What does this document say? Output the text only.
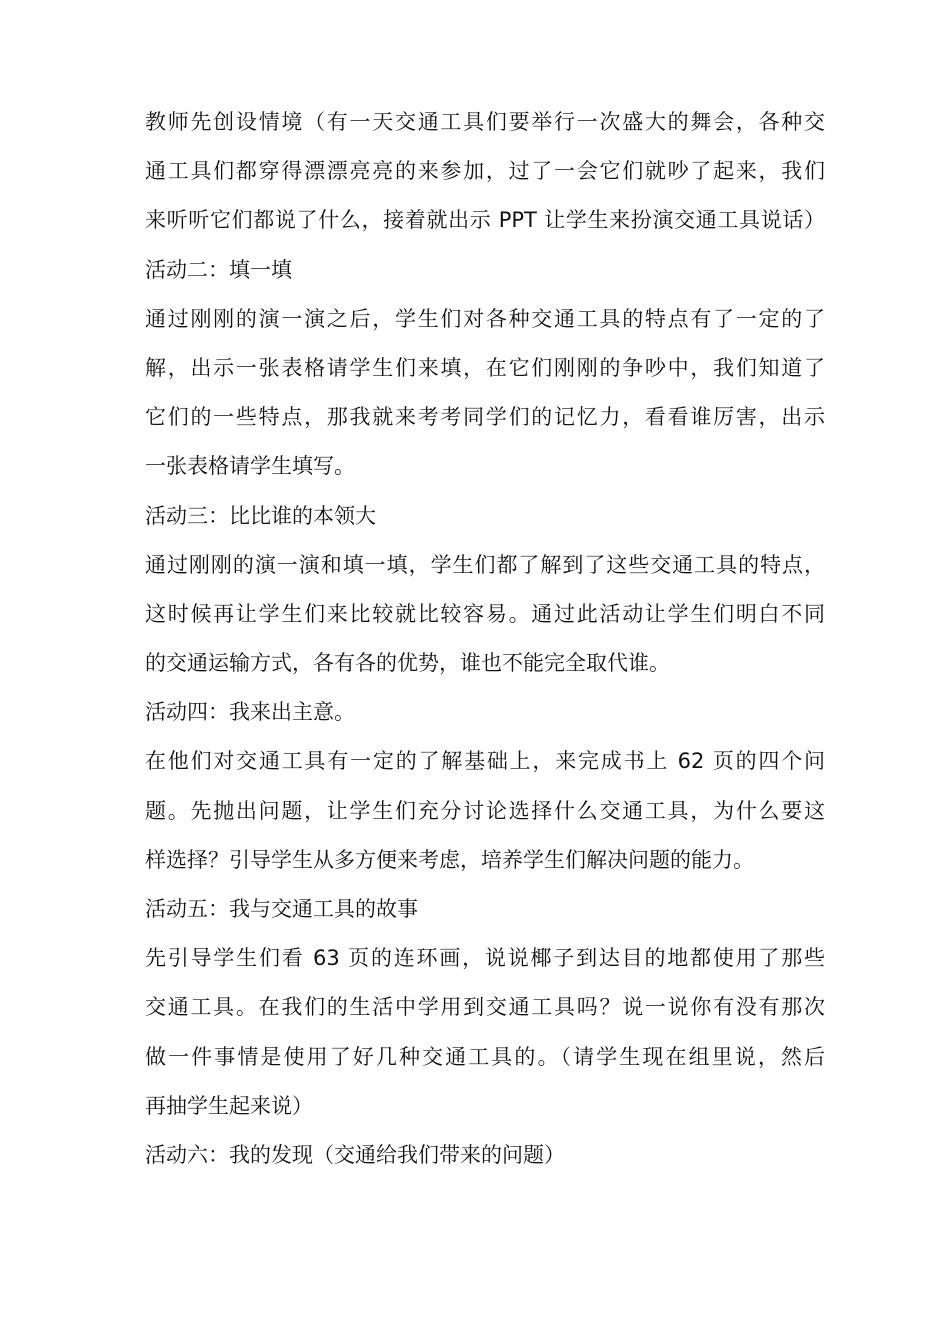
教师先创设情境（有一天交通工具们要举行一次盛大的舞会，各种交
通工具们都穿得漂漂亮亮的来参加，过了一会它们就吵了起来，我们
来听听它们都说了什么，接着就出示 PPT 让学生来扮演交通工具说话）
活动二：填一填
通过刚刚的演一演之后，学生们对各种交通工具的特点有了一定的了
解，出示一张表格请学生们来填，在它们刚刚的争吵中，我们知道了
它们的一些特点，那我就来考考同学们的记忆力，看看谁厉害，出示
一张表格请学生填写。
活动三：比比谁的本领大
通过刚刚的演一演和填一填，学生们都了解到了这些交通工具的特点，
这时候再让学生们来比较就比较容易。通过此活动让学生们明白不同
的交通运输方式，各有各的优势，谁也不能完全取代谁。
活动四：我来出主意。
在他们对交通工具有一定的了解基础上，来完成书上 62 页的四个问
题。先抛出问题，让学生们充分讨论选择什么交通工具，为什么要这
样选择？引导学生从多方便来考虑，培养学生们解决问题的能力。
活动五：我与交通工具的故事
先引导学生们看 63 页的连环画，说说椰子到达目的地都使用了那些
交通工具。在我们的生活中学用到交通工具吗？说一说你有没有那次
做一件事情是使用了好几种交通工具的。（请学生现在组里说，然后
再抽学生起来说）
活动六：我的发现（交通给我们带来的问题）
